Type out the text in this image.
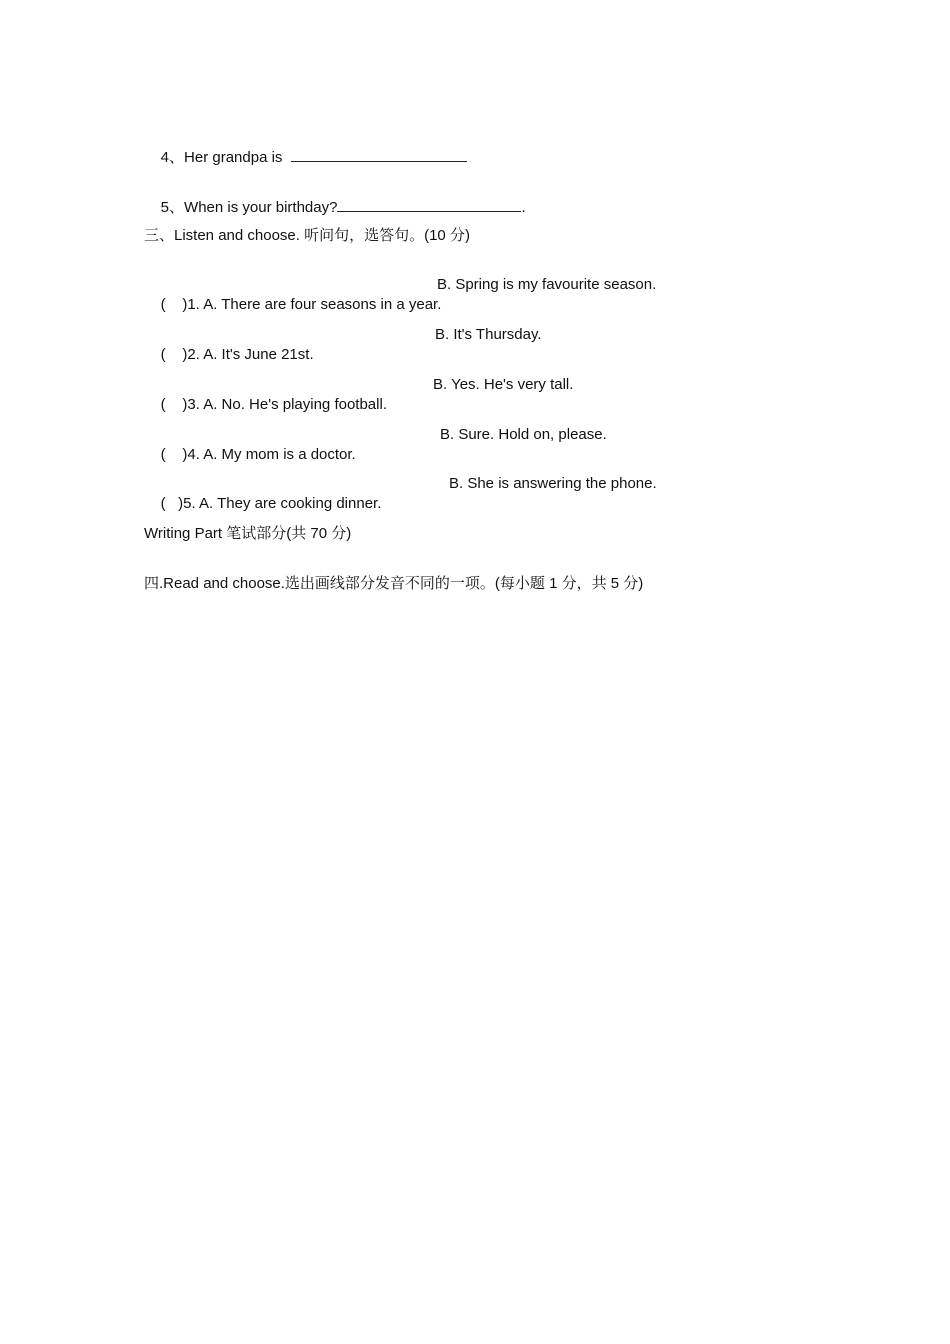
4、Her grandpa is

5、When is your birthday?	.

三、Listen and choose. 听问句，选答句。(10 分)

(    )1. A. There are four seasons in a year.

B. Spring is my favourite season.

(    )2. A. It's June 21st.

B. It's Thursday.

(    )3. A. No. He's playing football.

B. Yes. He's very tall.

(    )4. A. My mom is a doctor.

B. Sure. Hold on, please.

(   )5. A. They are cooking dinner.

B. She is answering the phone.

Writing Part 笔试部分(共 70 分)
四.Read and choose.选出画线部分发音不同的一项。(每小题 1 分，共 5 分)
